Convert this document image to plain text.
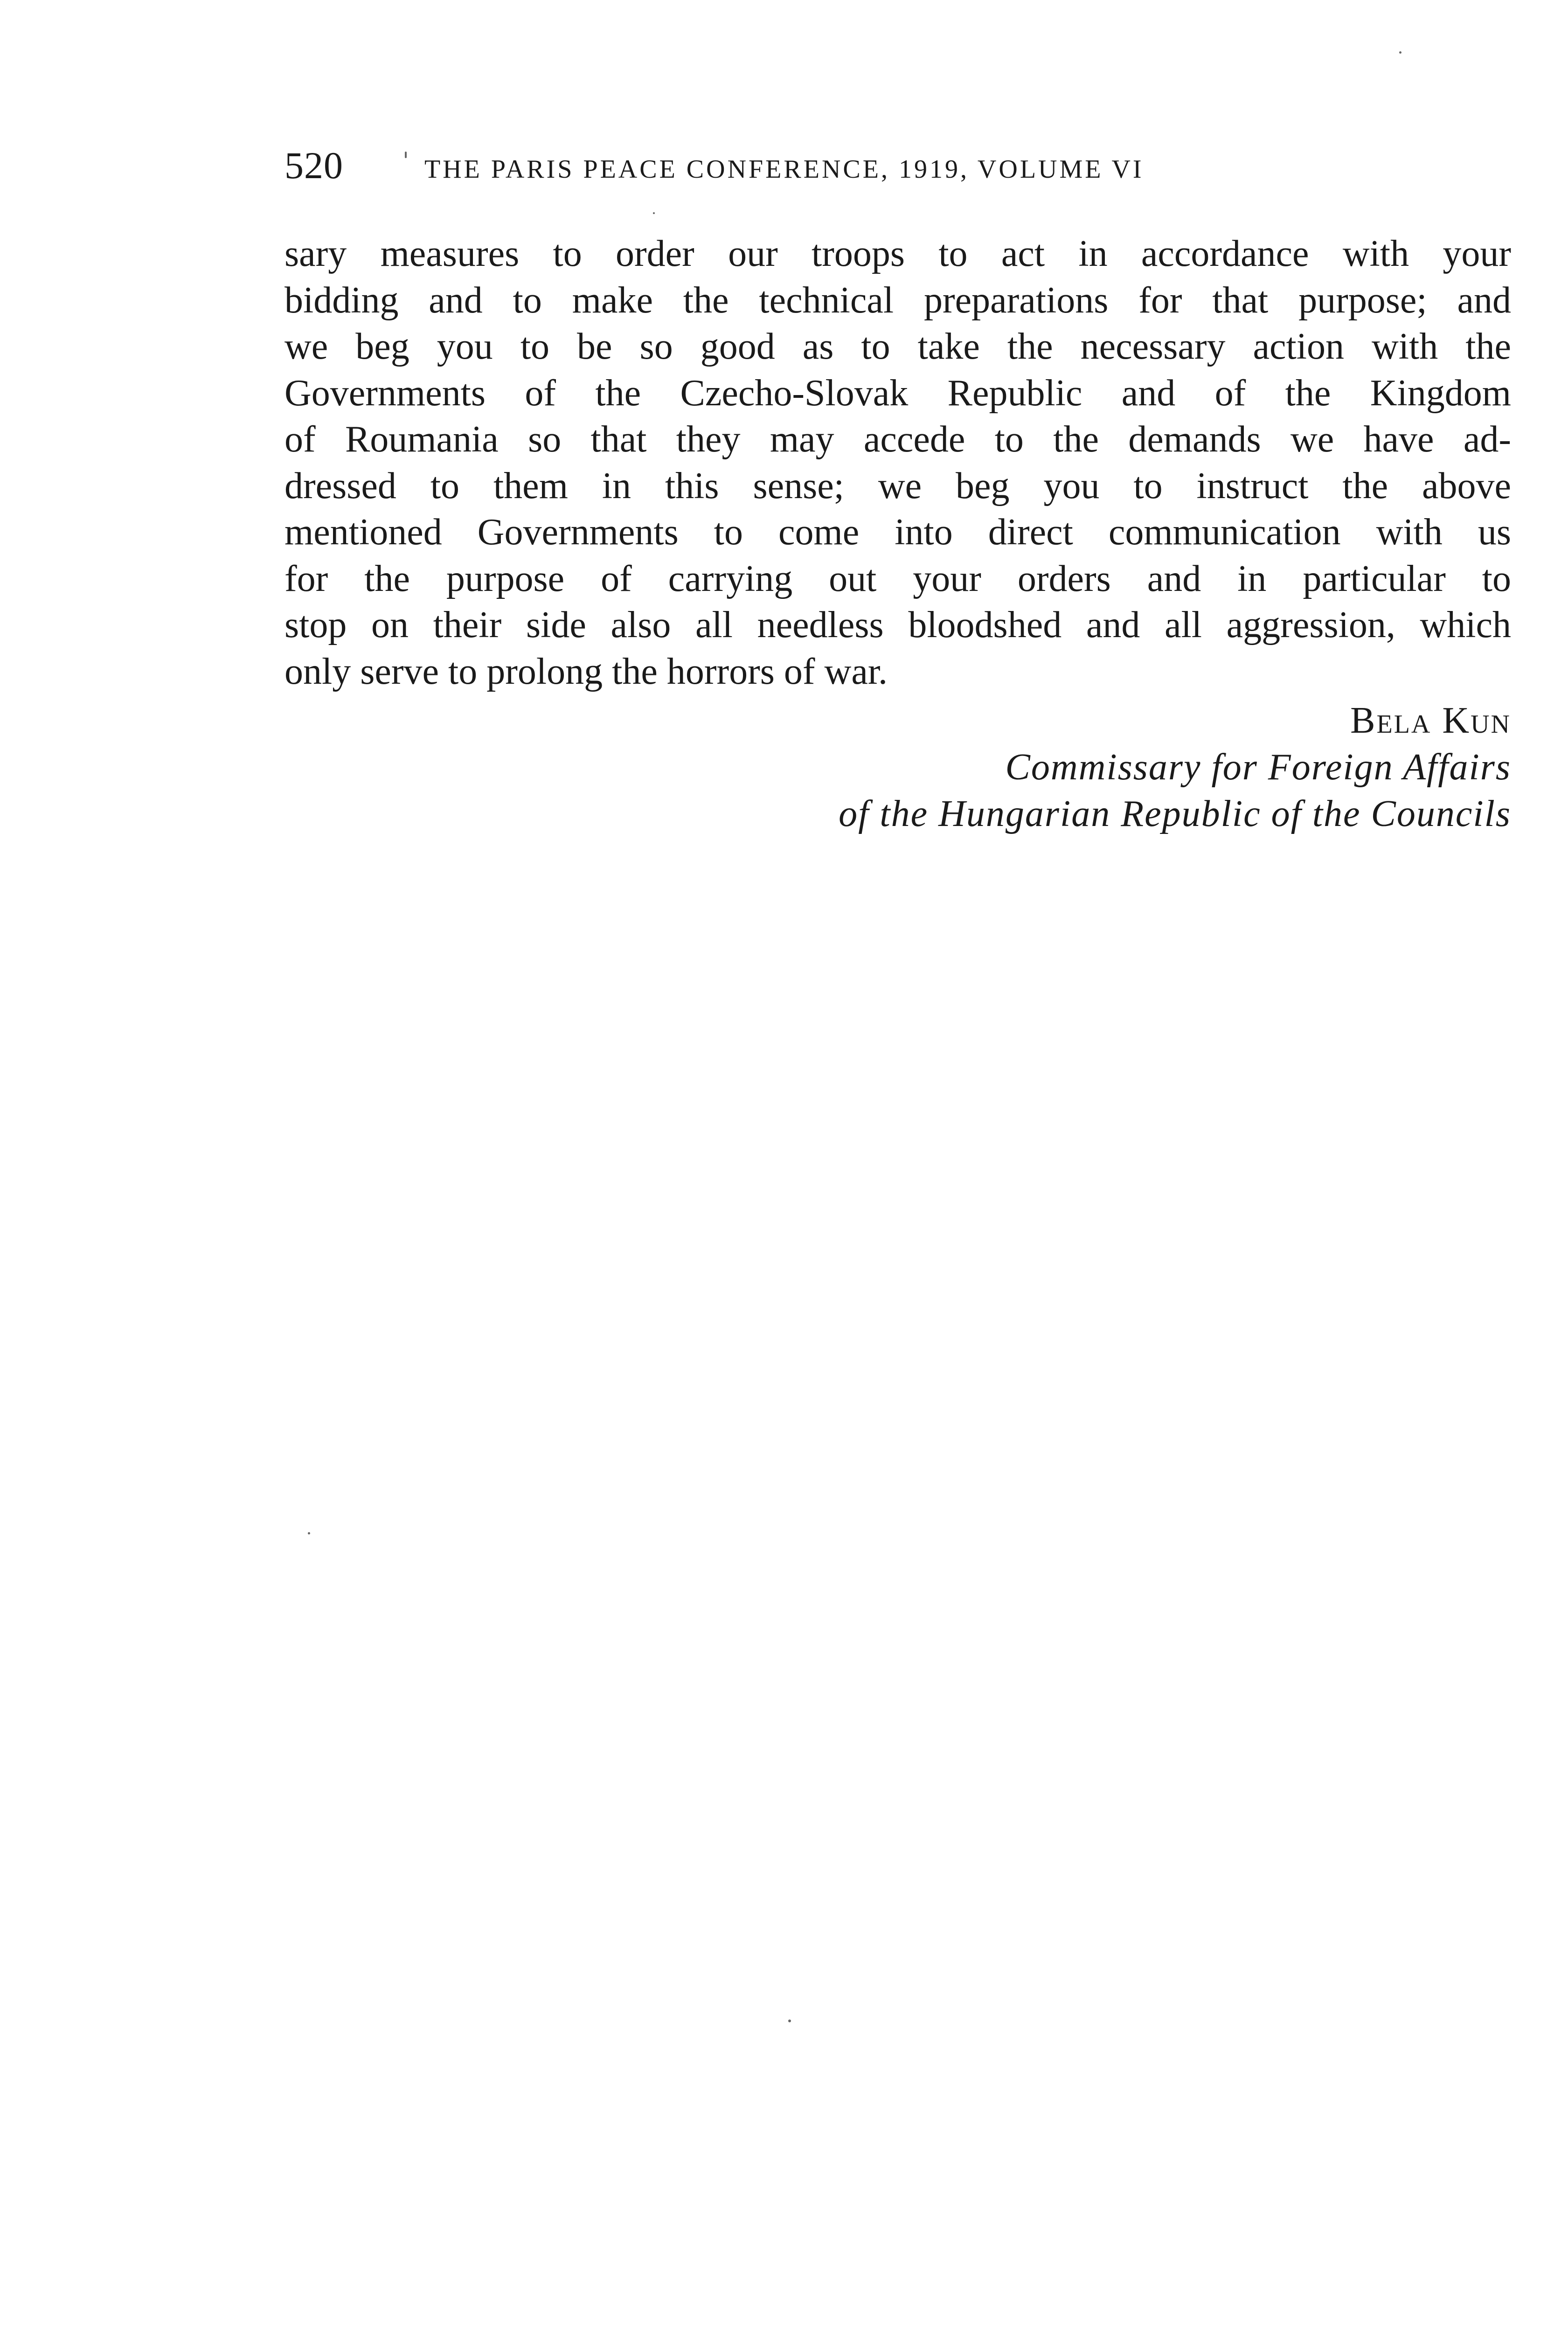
520	THE PARIS PEACE CONFERENCE, 1919, VOLUME VI
sary measures to order our troops to act in accordance with your
bidding and to make the technical preparations for that purpose; and
we beg you to be so good as to take the necessary action with the
Governments of the Czecho-Slovak Republic and of the Kingdom
of Roumania so that they may accede to the demands we have ad-
dressed to them in this sense; we beg you to instruct the above
mentioned Governments to come into direct communication with us
for the purpose of carrying out your orders and in particular to
stop on their side also all needless bloodshed and all aggression, which
only serve to prolong the horrors of war.
Bela Kun
Commissary for Foreign Affairs
of the Hungarian Republic of the Councils
